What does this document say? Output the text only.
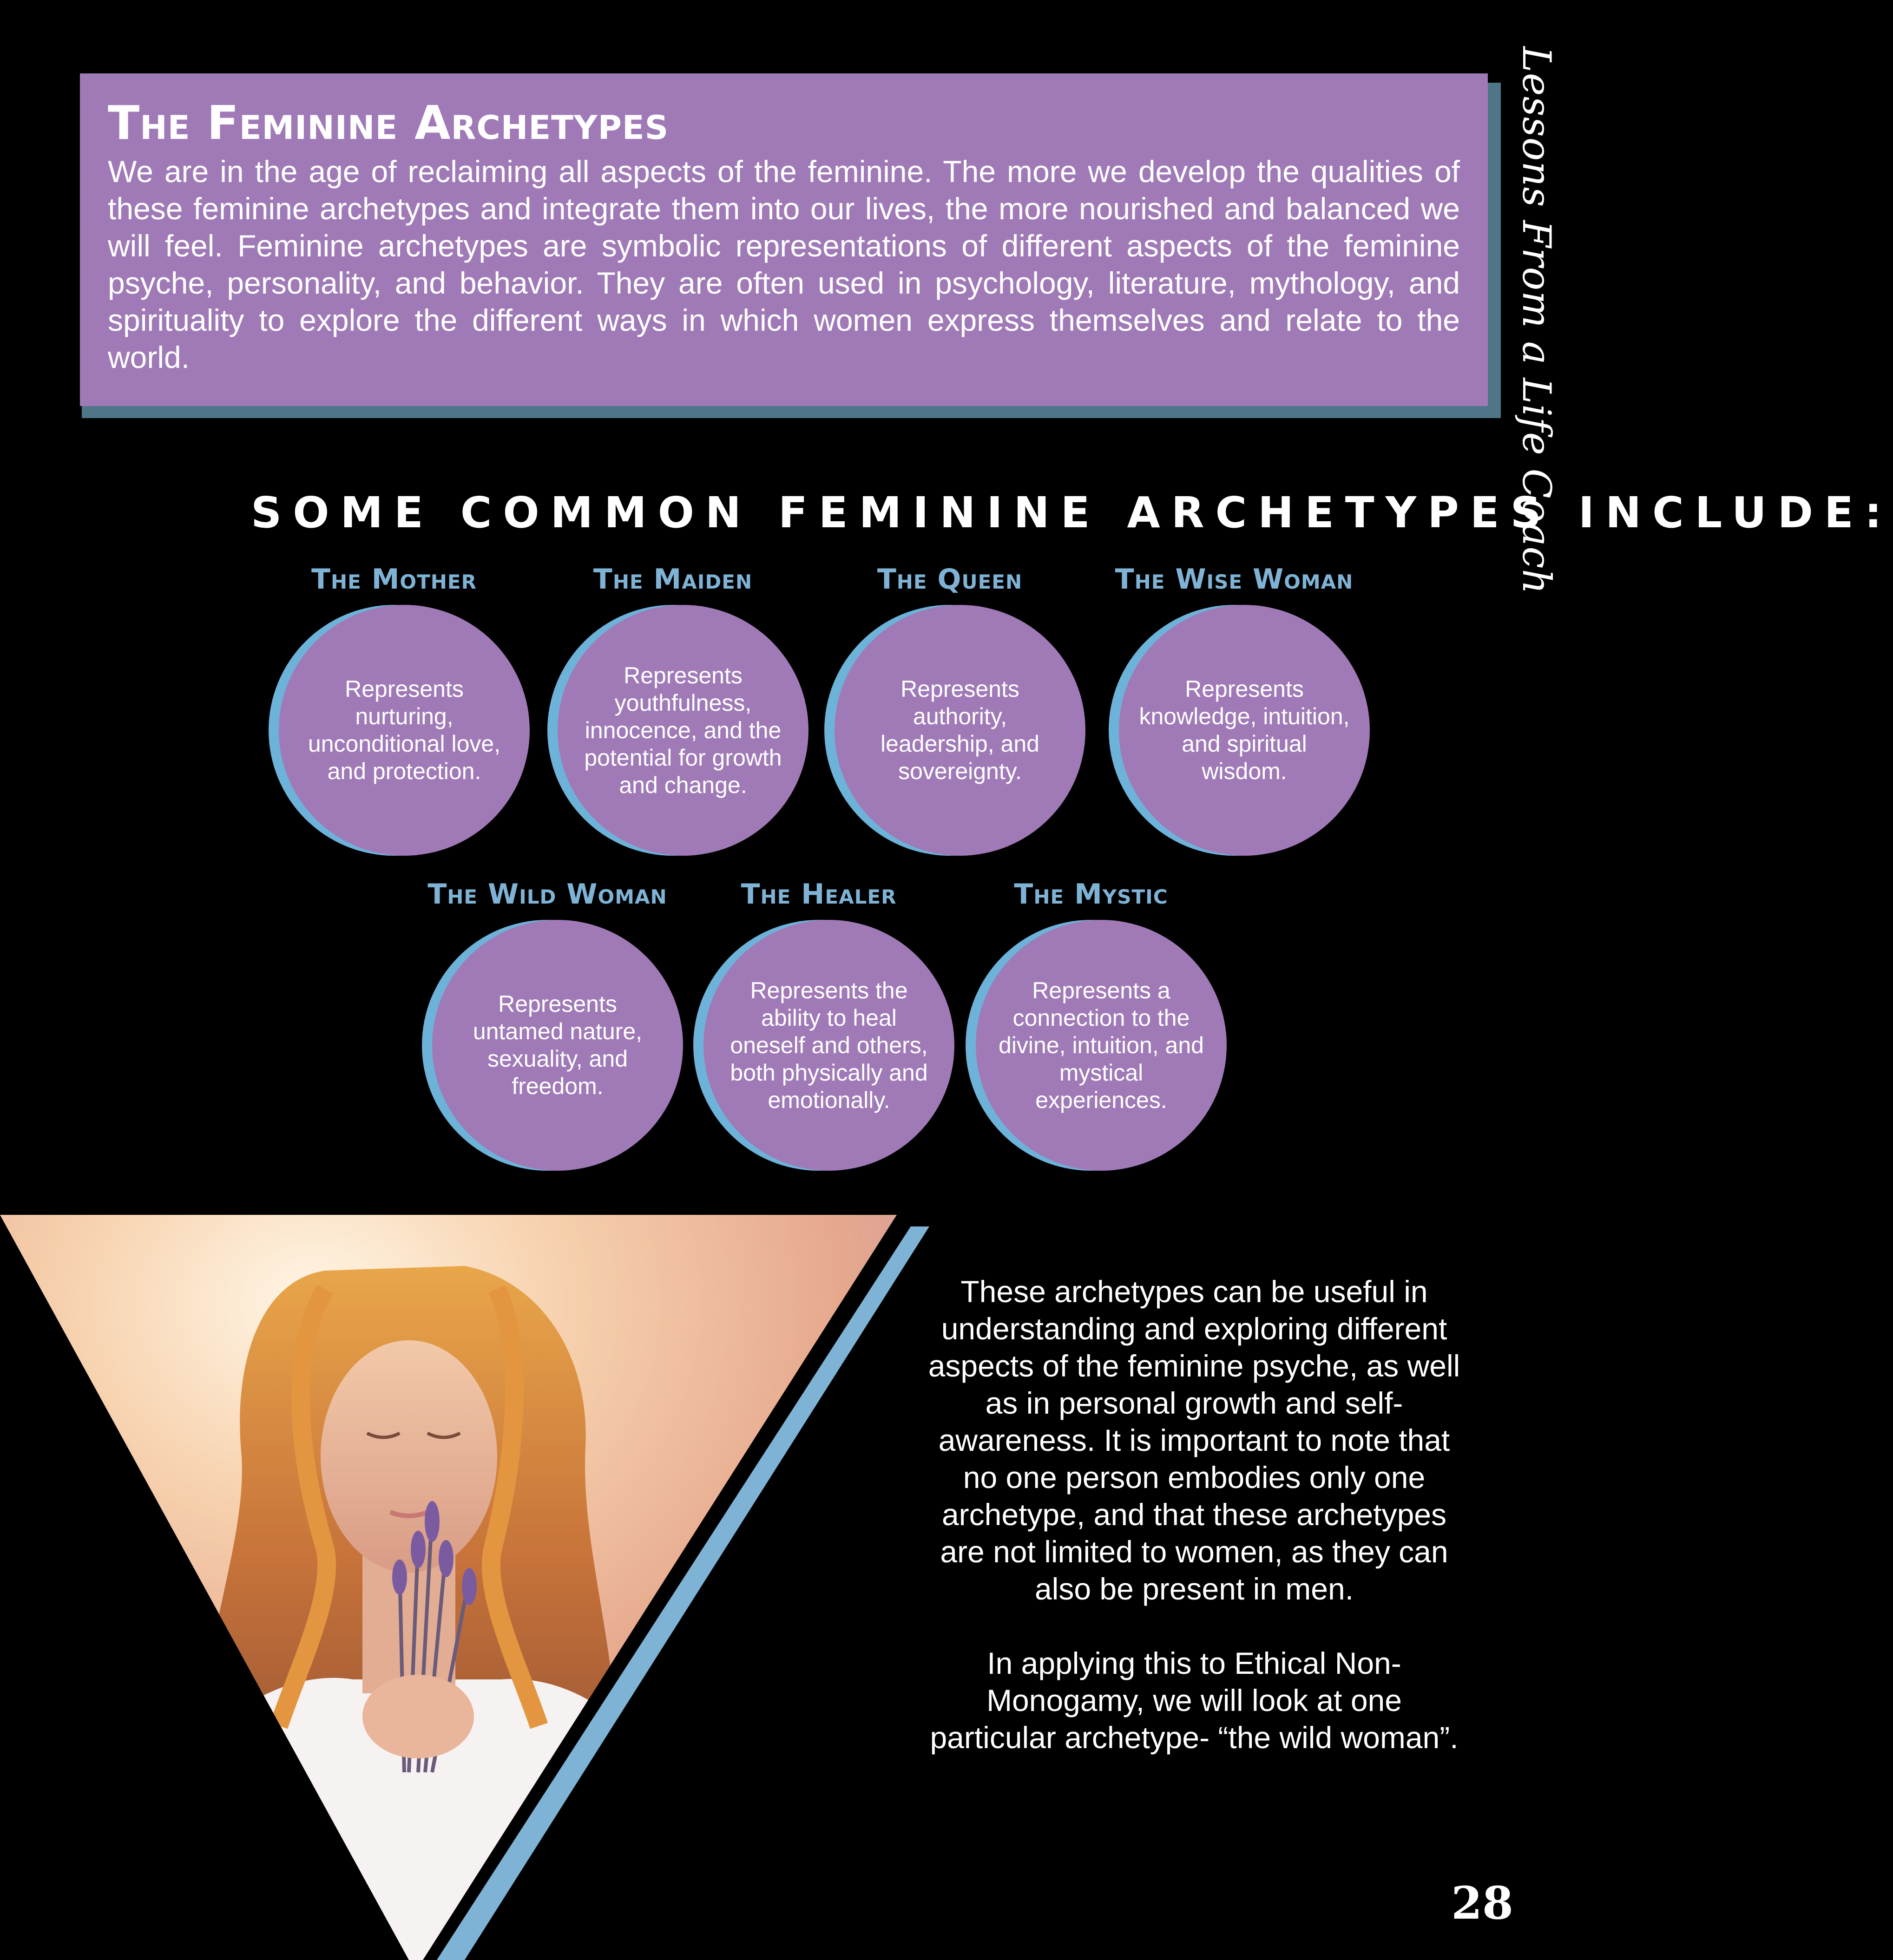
Lessons From a Life Coach
The Feminine Archetypes

We are in the age of reclaiming all aspects of the feminine. The more we develop the qualities of these feminine archetypes and integrate them into our lives, the more nourished and balanced we will feel. Feminine archetypes are symbolic representations of different aspects of the feminine psyche, personality, and behavior. They are often used in psychology, literature, mythology, and spirituality to explore the different ways in which women express themselves and relate to the world.

SOME COMMON FEMININE ARCHETYPES INCLUDE:
The Mother
Represents nurturing, unconditional love, and protection.
The Maiden
Represents youthfulness, innocence, and the potential for growth and change.
The Queen
Represents authority, leadership, and sovereignty.
The Wise Woman
Represents knowledge, intuition, and spiritual wisdom.
The Wild Woman
Represents untamed nature, sexuality, and freedom.
The Healer
Represents the ability to heal oneself and others, both physically and emotionally.
The Mystic
Represents a connection to the divine, intuition, and mystical experiences.

These archetypes can be useful in understanding and exploring different aspects of the feminine psyche, as well as in personal growth and self-awareness. It is important to note that no one person embodies only one archetype, and that these archetypes are not limited to women, as they can also be present in men.

In applying this to Ethical Non-Monogamy, we will look at one particular archetype- “the wild woman”.

28
